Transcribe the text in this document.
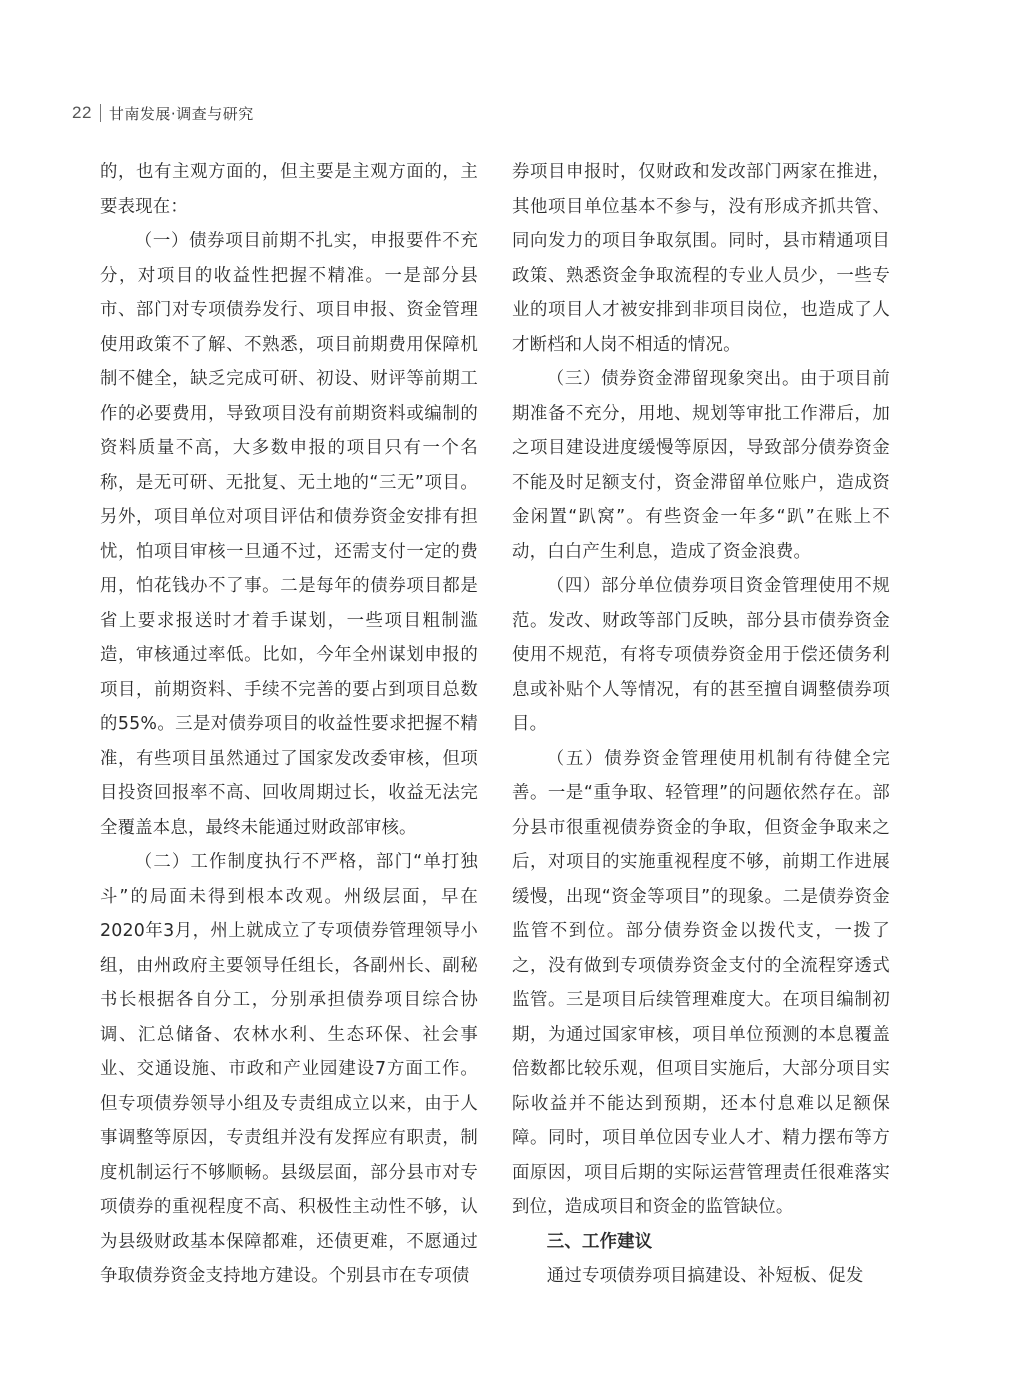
22 甘南发展·调查与研究

的，也有主观方面的，但主要是主观方面的，主要表现在：

（一）债券项目前期不扎实，申报要件不充分，对项目的收益性把握不精准。一是部分县市、部门对专项债券发行、项目申报、资金管理使用政策不了解、不熟悉，项目前期费用保障机制不健全，缺乏完成可研、初设、财评等前期工作的必要费用，导致项目没有前期资料或编制的资料质量不高，大多数申报的项目只有一个名称，是无可研、无批复、无土地的“三无”项目。另外，项目单位对项目评估和债券资金安排有担忧，怕项目审核一旦通不过，还需支付一定的费用，怕花钱办不了事。二是每年的债券项目都是省上要求报送时才着手谋划，一些项目粗制滥造，审核通过率低。比如，今年全州谋划申报的项目，前期资料、手续不完善的要占到项目总数的55%。三是对债券项目的收益性要求把握不精准，有些项目虽然通过了国家发改委审核，但项目投资回报率不高、回收周期过长，收益无法完全覆盖本息，最终未能通过财政部审核。

（二）工作制度执行不严格，部门“单打独斗”的局面未得到根本改观。州级层面，早在2020年3月，州上就成立了专项债券管理领导小组，由州政府主要领导任组长，各副州长、副秘书长根据各自分工，分别承担债券项目综合协调、汇总储备、农林水利、生态环保、社会事业、交通设施、市政和产业园建设7方面工作。但专项债券领导小组及专责组成立以来，由于人事调整等原因，专责组并没有发挥应有职责，制度机制运行不够顺畅。县级层面，部分县市对专项债券的重视程度不高、积极性主动性不够，认为县级财政基本保障都难，还债更难，不愿通过争取债券资金支持地方建设。个别县市在专项债

券项目申报时，仅财政和发改部门两家在推进，其他项目单位基本不参与，没有形成齐抓共管、同向发力的项目争取氛围。同时，县市精通项目政策、熟悉资金争取流程的专业人员少，一些专业的项目人才被安排到非项目岗位，也造成了人才断档和人岗不相适的情况。

（三）债券资金滞留现象突出。由于项目前期准备不充分，用地、规划等审批工作滞后，加之项目建设进度缓慢等原因，导致部分债券资金不能及时足额支付，资金滞留单位账户，造成资金闲置“趴窝”。有些资金一年多“趴”在账上不动，白白产生利息，造成了资金浪费。

（四）部分单位债券项目资金管理使用不规范。发改、财政等部门反映，部分县市债券资金使用不规范，有将专项债券资金用于偿还债务利息或补贴个人等情况，有的甚至擅自调整债券项目。

（五）债券资金管理使用机制有待健全完善。一是“重争取、轻管理”的问题依然存在。部分县市很重视债券资金的争取，但资金争取来之后，对项目的实施重视程度不够，前期工作进展缓慢，出现“资金等项目”的现象。二是债券资金监管不到位。部分债券资金以拨代支，一拨了之，没有做到专项债券资金支付的全流程穿透式监管。三是项目后续管理难度大。在项目编制初期，为通过国家审核，项目单位预测的本息覆盖倍数都比较乐观，但项目实施后，大部分项目实际收益并不能达到预期，还本付息难以足额保障。同时，项目单位因专业人才、精力摆布等方面原因，项目后期的实际运营管理责任很难落实到位，造成项目和资金的监管缺位。

三、工作建议

通过专项债券项目搞建设、补短板、促发
